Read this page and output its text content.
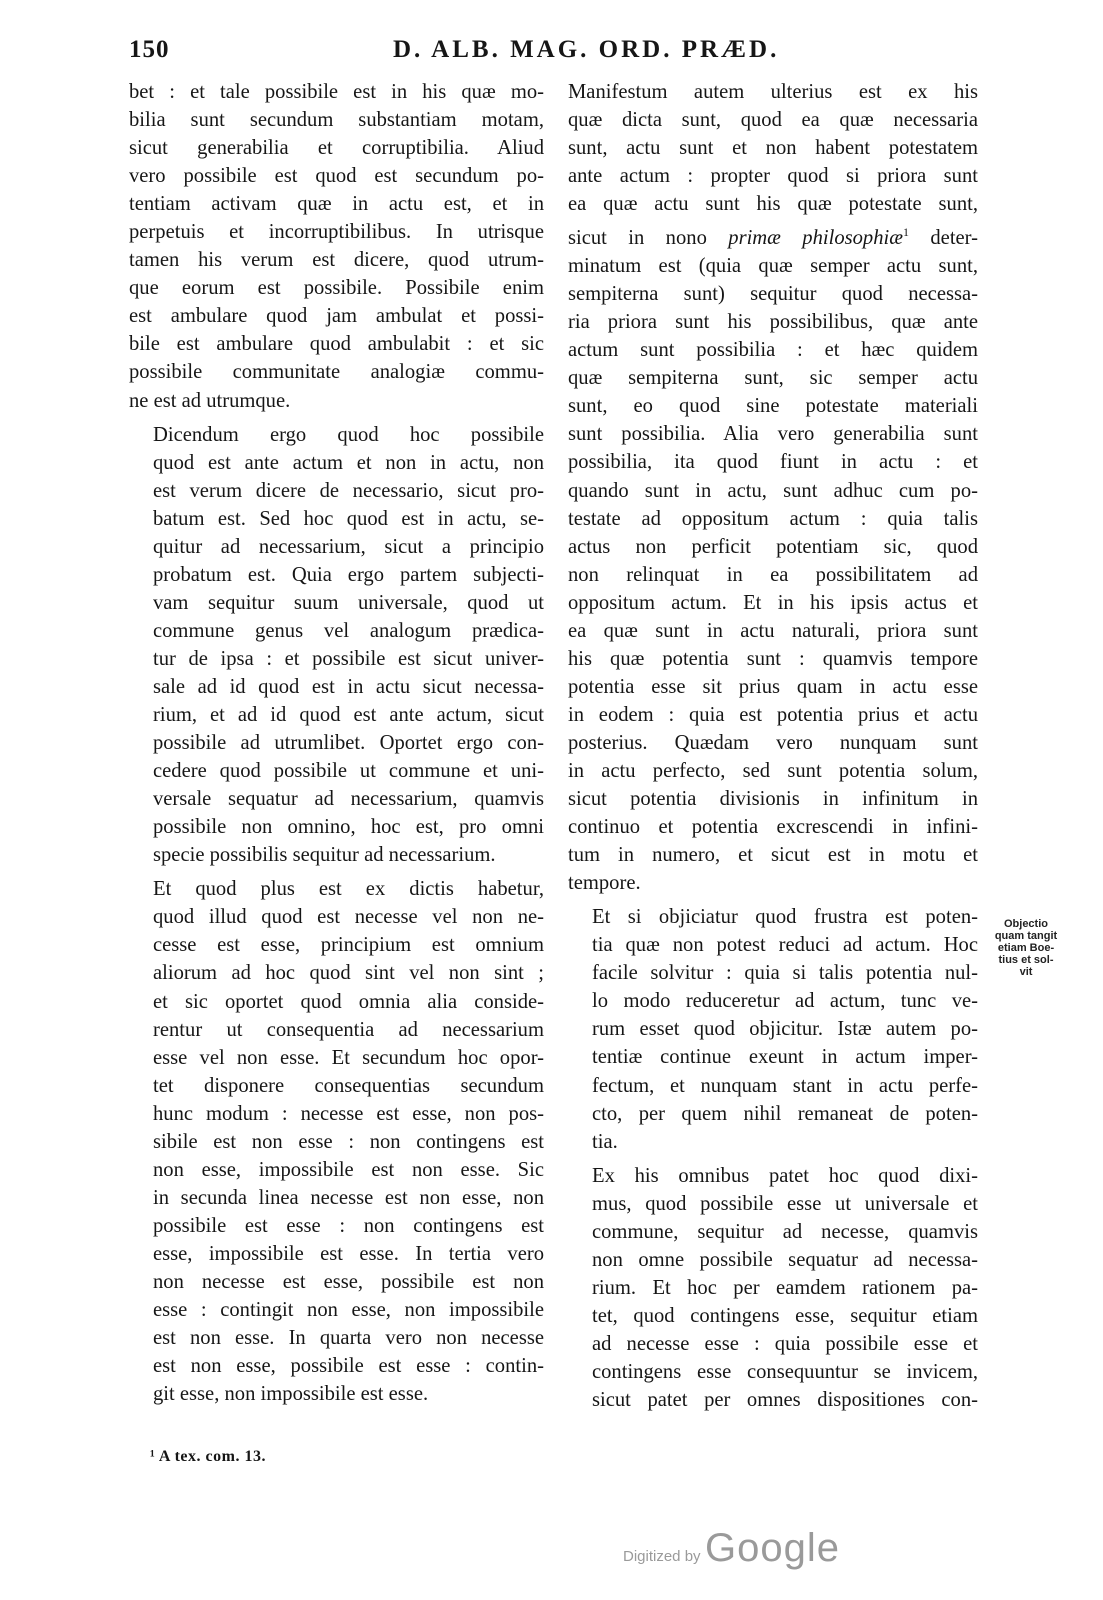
150	D. ALB. MAG. ORD. PRÆD.

bet : et tale possibile est in his quæ mo-
bilia sunt secundum substantiam motam,
sicut generabilia et corruptibilia. Aliud
vero possibile est quod est secundum po-
tentiam activam quæ in actu est, et in
perpetuis et incorruptibilibus. In utrisque
tamen his verum est dicere, quod utrum-
que eorum est possibile. Possibile enim
est ambulare quod jam ambulat et possi-
bile est ambulare quod ambulabit : et sic
possibile communitate analogiæ commu-
ne est ad utrumque.

Dicendum ergo quod hoc possibile
quod est ante actum et non in actu, non
est verum dicere de necessario, sicut pro-
batum est. Sed hoc quod est in actu, se-
quitur ad necessarium, sicut a principio
probatum est. Quia ergo partem subjecti-
vam sequitur suum universale, quod ut
commune genus vel analogum prædica-
tur de ipsa : et possibile est sicut univer-
sale ad id quod est in actu sicut necessa-
rium, et ad id quod est ante actum, sicut
possibile ad utrumlibet. Oportet ergo con-
cedere quod possibile ut commune et uni-
versale sequatur ad necessarium, quamvis
possibile non omnino, hoc est, pro omni
specie possibilis sequitur ad necessarium.

Et quod plus est ex dictis habetur,
quod illud quod est necesse vel non ne-
cesse est esse, principium est omnium
aliorum ad hoc quod sint vel non sint ;
et sic oportet quod omnia alia conside-
rentur ut consequentia ad necessarium
esse vel non esse. Et secundum hoc opor-
tet disponere consequentias secundum
hunc modum : necesse est esse, non pos-
sibile est non esse : non contingens est
non esse, impossibile est non esse. Sic
in secunda linea necesse est non esse, non
possibile est esse : non contingens est
esse, impossibile est esse. In tertia vero
non necesse est esse, possibile est non
esse : contingit non esse, non impossibile
est non esse. In quarta vero non necesse
est non esse, possibile est esse : contin-
git esse, non impossibile est esse.

Manifestum autem ulterius est ex his
quæ dicta sunt, quod ea quæ necessaria
sunt, actu sunt et non habent potestatem
ante actum : propter quod si priora sunt
ea quæ actu sunt his quæ potestate sunt,
sicut in nono primæ philosophiæ$^1$ deter-
minatum est (quia quæ semper actu sunt,
sempiterna sunt) sequitur quod necessa-
ria priora sunt his possibilibus, quæ ante
actum sunt possibilia : et hæc quidem
quæ sempiterna sunt, sic semper actu
sunt, eo quod sine potestate materiali
sunt possibilia. Alia vero generabilia sunt
possibilia, ita quod fiunt in actu : et
quando sunt in actu, sunt adhuc cum po-
testate ad oppositum actum : quia talis
actus non perficit potentiam sic, quod
non relinquat in ea possibilitatem ad
oppositum actum. Et in his ipsis actus et
ea quæ sunt in actu naturali, priora sunt
his quæ potentia sunt : quamvis tempore
potentia esse sit prius quam in actu esse
in eodem : quia est potentia prius et actu
posterius. Quædam vero nunquam sunt
in actu perfecto, sed sunt potentia solum,
sicut potentia divisionis in infinitum in
continuo et potentia excrescendi in infini-
tum in numero, et sicut est in motu et
tempore.

Et si objiciatur quod frustra est poten-
tia quæ non potest reduci ad actum. Hoc
facile solvitur : quia si talis potentia nul-
lo modo reduceretur ad actum, tunc ve-
rum esset quod objicitur. Istæ autem po-
tentiæ continue exeunt in actum imper-
fectum, et nunquam stant in actu perfe-
cto, per quem nihil remaneat de poten-
tia.

Ex his omnibus patet hoc quod dixi-
mus, quod possibile esse ut universale et
commune, sequitur ad necesse, quamvis
non omne possibile sequatur ad necessa-
rium. Et hoc per eamdem rationem pa-
tet, quod contingens esse, sequitur etiam
ad necesse esse : quia possibile esse et
contingens esse consequuntur se invicem,
sicut patet per omnes dispositiones con-

Objectio
quam tangit
etiam Boe-
tius et sol-
vit
¹ A tex. com. 13.
Digitized by Google
